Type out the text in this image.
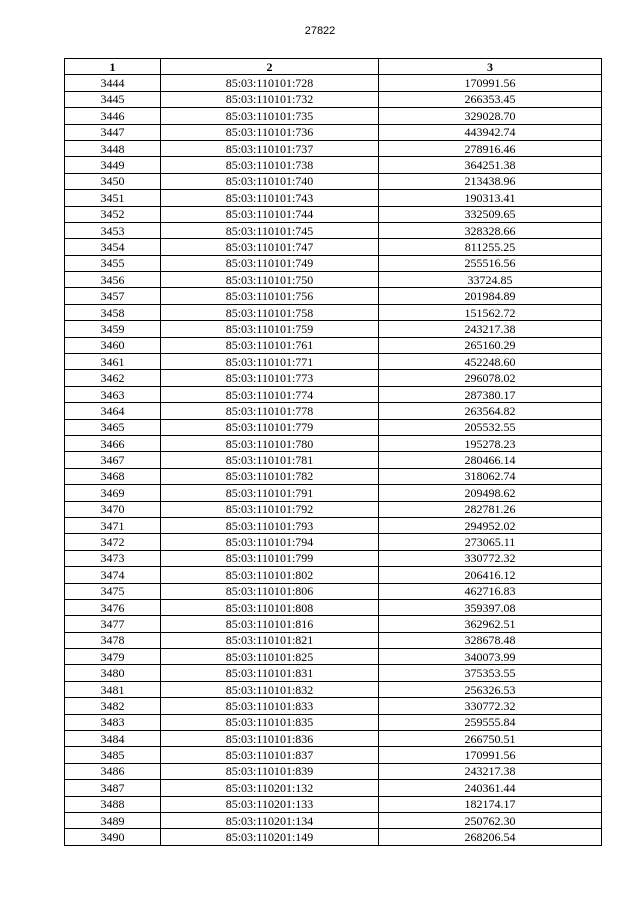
27822
1	2	3
3444	85:03:110101:728	170991.56
3445	85:03:110101:732	266353.45
3446	85:03:110101:735	329028.70
3447	85:03:110101:736	443942.74
3448	85:03:110101:737	278916.46
3449	85:03:110101:738	364251.38
3450	85:03:110101:740	213438.96
3451	85:03:110101:743	190313.41
3452	85:03:110101:744	332509.65
3453	85:03:110101:745	328328.66
3454	85:03:110101:747	811255.25
3455	85:03:110101:749	255516.56
3456	85:03:110101:750	33724.85
3457	85:03:110101:756	201984.89
3458	85:03:110101:758	151562.72
3459	85:03:110101:759	243217.38
3460	85:03:110101:761	265160.29
3461	85:03:110101:771	452248.60
3462	85:03:110101:773	296078.02
3463	85:03:110101:774	287380.17
3464	85:03:110101:778	263564.82
3465	85:03:110101:779	205532.55
3466	85:03:110101:780	195278.23
3467	85:03:110101:781	280466.14
3468	85:03:110101:782	318062.74
3469	85:03:110101:791	209498.62
3470	85:03:110101:792	282781.26
3471	85:03:110101:793	294952.02
3472	85:03:110101:794	273065.11
3473	85:03:110101:799	330772.32
3474	85:03:110101:802	206416.12
3475	85:03:110101:806	462716.83
3476	85:03:110101:808	359397.08
3477	85:03:110101:816	362962.51
3478	85:03:110101:821	328678.48
3479	85:03:110101:825	340073.99
3480	85:03:110101:831	375353.55
3481	85:03:110101:832	256326.53
3482	85:03:110101:833	330772.32
3483	85:03:110101:835	259555.84
3484	85:03:110101:836	266750.51
3485	85:03:110101:837	170991.56
3486	85:03:110101:839	243217.38
3487	85:03:110201:132	240361.44
3488	85:03:110201:133	182174.17
3489	85:03:110201:134	250762.30
3490	85:03:110201:149	268206.54
